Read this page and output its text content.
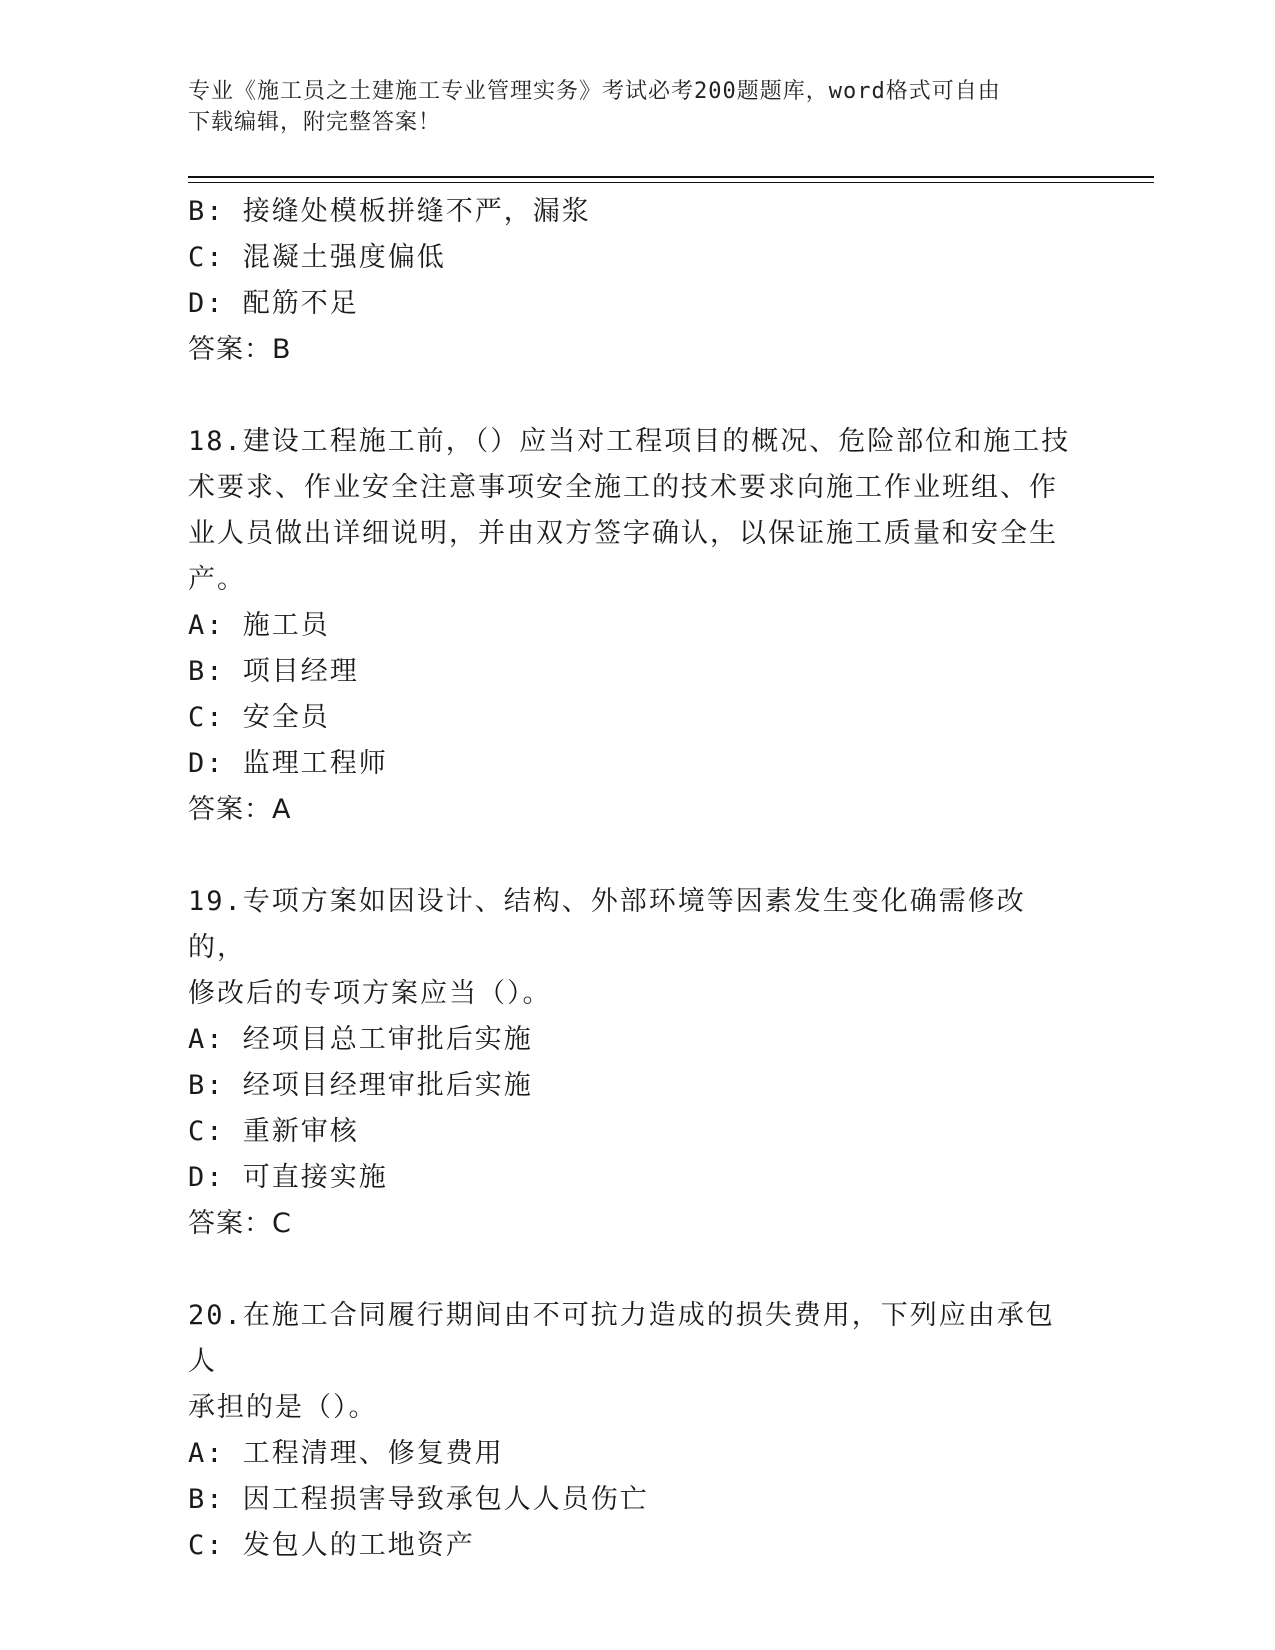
专业《施工员之土建施工专业管理实务》考试必考200题题库，word格式可自由
下载编辑，附完整答案！
B: 接缝处模板拼缝不严，漏浆
C: 混凝土强度偏低
D: 配筋不足
答案：B
18.建设工程施工前，（）应当对工程项目的概况、危险部位和施工技
术要求、作业安全注意事项安全施工的技术要求向施工作业班组、作
业人员做出详细说明，并由双方签字确认，以保证施工质量和安全生
产。
A: 施工员
B: 项目经理
C: 安全员
D: 监理工程师
答案：A
19.专项方案如因设计、结构、外部环境等因素发生变化确需修改的，
修改后的专项方案应当（）。
A: 经项目总工审批后实施
B: 经项目经理审批后实施
C: 重新审核
D: 可直接实施
答案：C
20.在施工合同履行期间由不可抗力造成的损失费用，下列应由承包人
承担的是（）。
A: 工程清理、修复费用
B: 因工程损害导致承包人人员伤亡
C: 发包人的工地资产
